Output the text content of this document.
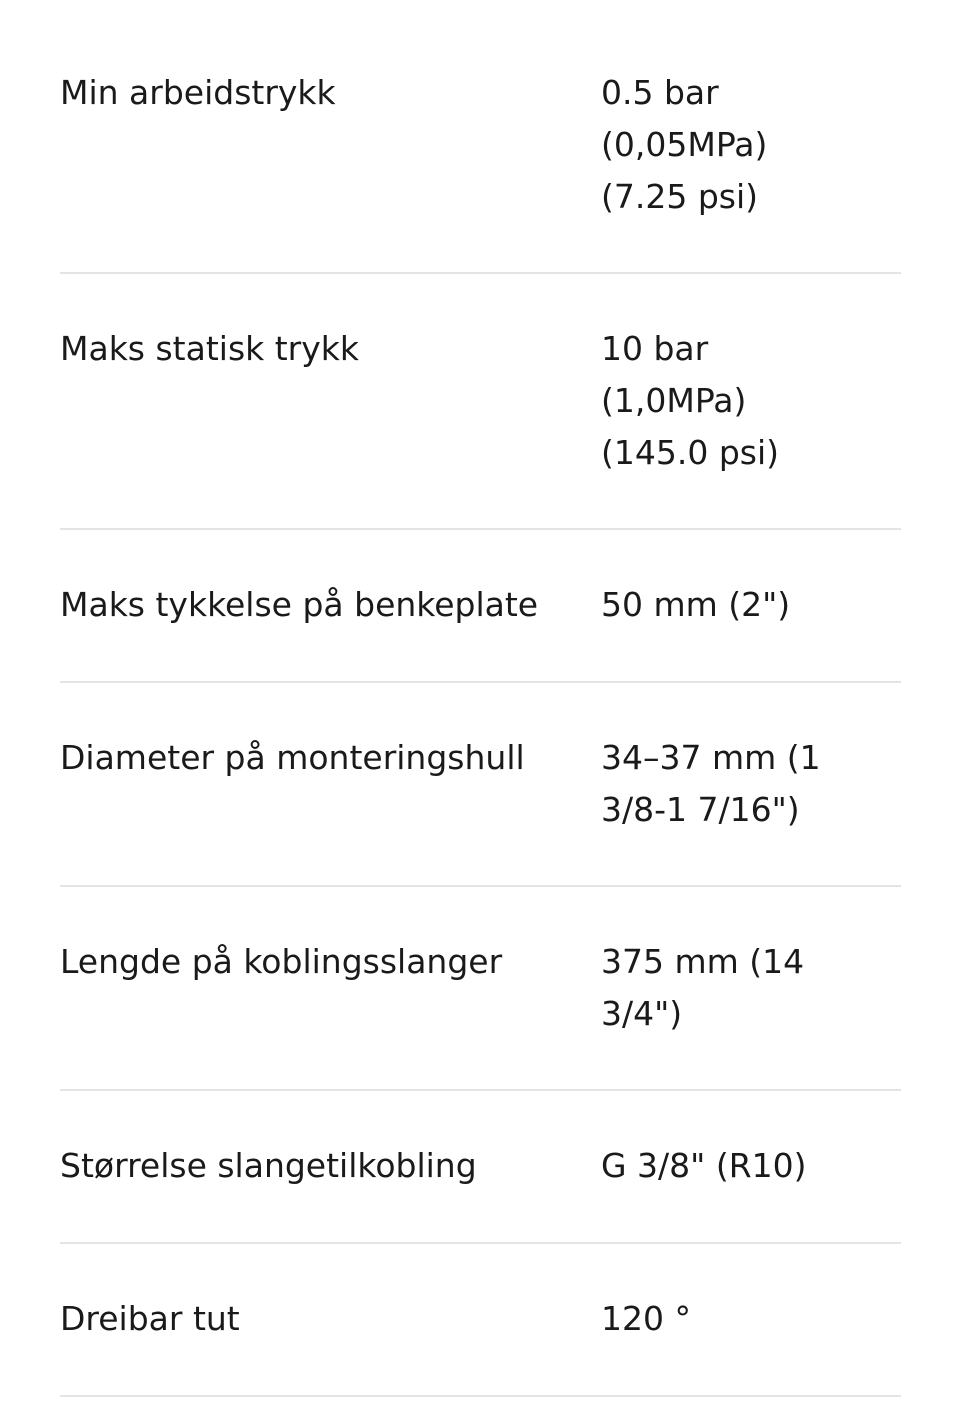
Min arbeidstrykk	0.5 bar
(0,05MPa)
(7.25 psi)
Maks statisk trykk	10 bar
(1,0MPa)
(145.0 psi)
Maks tykkelse på benkeplate 50 mm (2")
Diameter på monteringshull 34–37 mm (1
3/8-1 7/16")
Lengde på koblingsslanger	375 mm (14
3/4")
Størrelse slangetilkobling	G 3/8" (R10)
Dreibar tut	120 °
